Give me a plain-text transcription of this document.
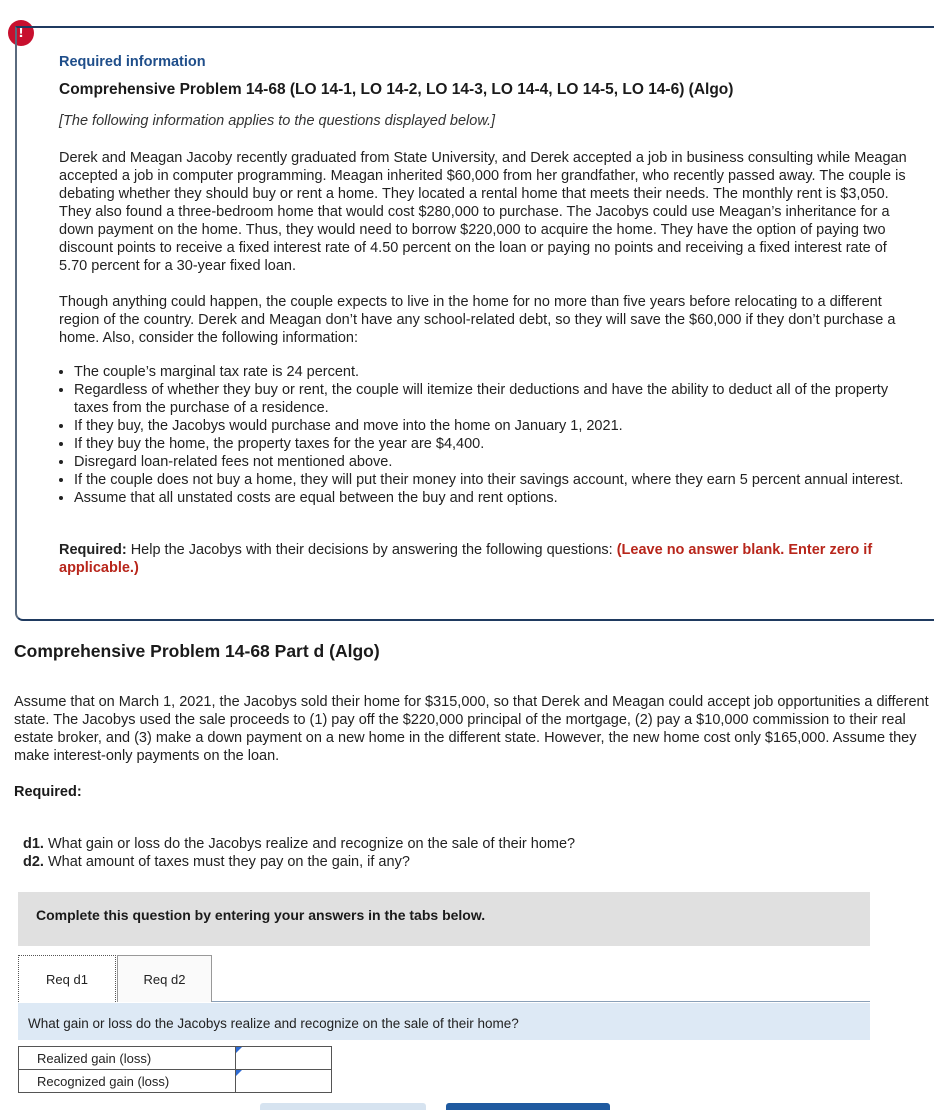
!
Required information
Comprehensive Problem 14-68 (LO 14-1, LO 14-2, LO 14-3, LO 14-4, LO 14-5, LO 14-6) (Algo)
[The following information applies to the questions displayed below.]

Derek and Meagan Jacoby recently graduated from State University, and Derek accepted a job in business consulting while Meagan accepted a job in computer programming. Meagan inherited $60,000 from her grandfather, who recently passed away. The couple is debating whether they should buy or rent a home. They located a rental home that meets their needs. The monthly rent is $3,050. They also found a three-bedroom home that would cost $280,000 to purchase. The Jacobys could use Meagan’s inheritance for a down payment on the home. Thus, they would need to borrow $220,000 to acquire the home. They have the option of paying two discount points to receive a fixed interest rate of 4.50 percent on the loan or paying no points and receiving a fixed interest rate of 5.70 percent for a 30-year fixed loan.

Though anything could happen, the couple expects to live in the home for no more than five years before relocating to a different region of the country. Derek and Meagan don’t have any school-related debt, so they will save the $60,000 if they don’t purchase a home. Also, consider the following information:

• The couple’s marginal tax rate is 24 percent.
• Regardless of whether they buy or rent, the couple will itemize their deductions and have the ability to deduct all of the property taxes from the purchase of a residence.
• If they buy, the Jacobys would purchase and move into the home on January 1, 2021.
• If they buy the home, the property taxes for the year are $4,400.
• Disregard loan-related fees not mentioned above.
• If the couple does not buy a home, they will put their money into their savings account, where they earn 5 percent annual interest.
• Assume that all unstated costs are equal between the buy and rent options.
Required: Help the Jacobys with their decisions by answering the following questions: (Leave no answer blank. Enter zero if applicable.)
Comprehensive Problem 14-68 Part d (Algo)

Assume that on March 1, 2021, the Jacobys sold their home for $315,000, so that Derek and Meagan could accept job opportunities a different state. The Jacobys used the sale proceeds to (1) pay off the $220,000 principal of the mortgage, (2) pay a $10,000 commission to their real estate broker, and (3) make a down payment on a new home in the different state. However, the new home cost only $165,000. Assume they make interest-only payments on the loan.

Required:
d1. What gain or loss do the Jacobys realize and recognize on the sale of their home?
d2. What amount of taxes must they pay on the gain, if any?
Complete this question by entering your answers in the tabs below.
Req d1	Req d2
What gain or loss do the Jacobys realize and recognize on the sale of their home?
Realized gain (loss)	

Recognized gain (loss)	
